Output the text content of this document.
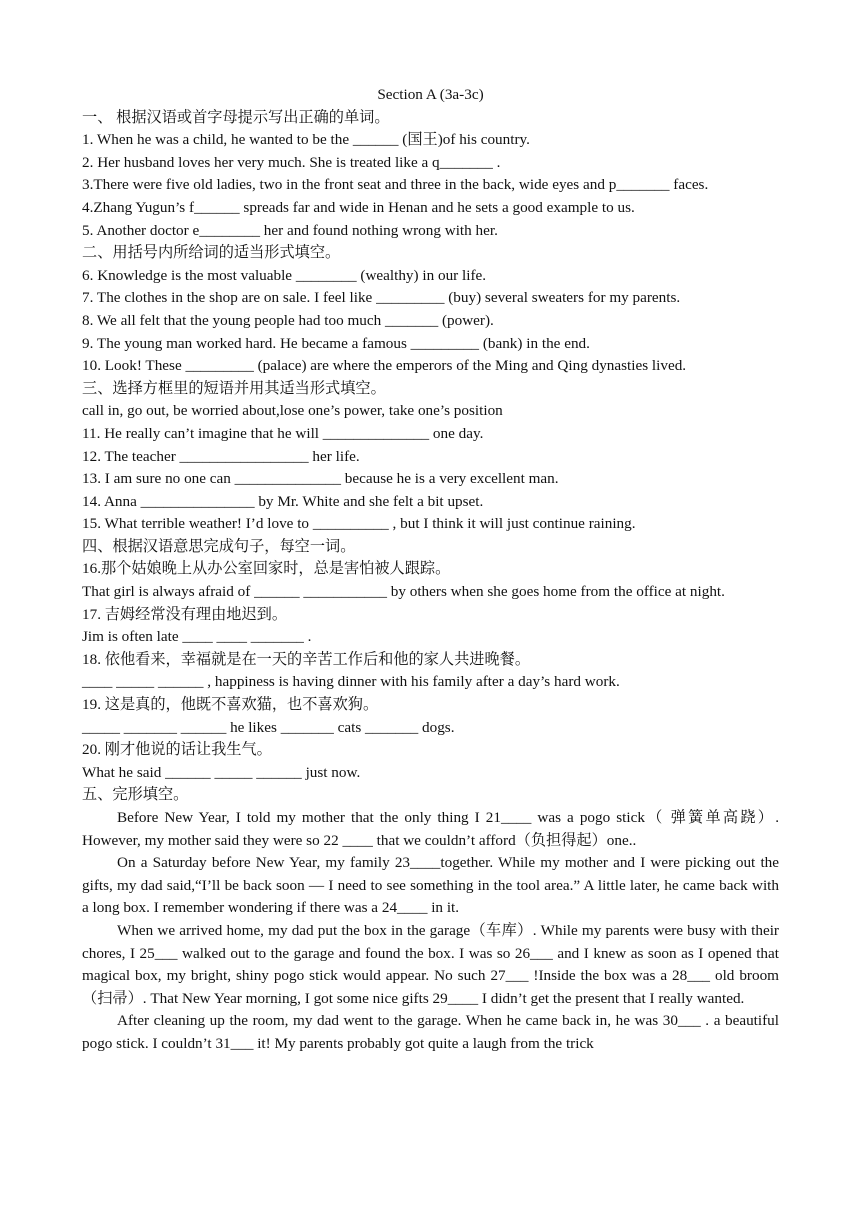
Section A (3a-3c)

一、 根据汉语或首字母提示写出正确的单词。

1. When he was a child, he wanted to be the ______ (国王)of his country.

2. Her husband loves her very much. She is treated like a q_______ .

3.There were five old ladies, two in the front seat and three in the back, wide eyes and p_______ faces.

4.Zhang Yugun’s f______ spreads far and wide in Henan and he sets a good example to us.

5. Another doctor e________ her and found nothing wrong with her.

二、用括号内所给词的适当形式填空。

6. Knowledge is the most valuable ________ (wealthy) in our life.

7. The clothes in the shop are on sale. I feel like _________ (buy) several sweaters for my parents.

8. We all felt that the young people had too much _______ (power).

9. The young man worked hard. He became a famous _________ (bank) in the end.

10. Look! These _________ (palace) are where the emperors of the Ming and Qing dynasties lived.

三、选择方框里的短语并用其适当形式填空。

call in, go out, be worried about,lose one’s power, take one’s position

11. He really can’t imagine that he will ______________ one day.

12. The teacher _________________ her life.

13. I am sure no one can ______________ because he is a very excellent man.

14. Anna _______________ by Mr. White and she felt a bit upset.

15. What terrible weather! I’d love to __________ , but I think it will just continue raining.

四、根据汉语意思完成句子，每空一词。

16.那个姑娘晚上从办公室回家时，总是害怕被人跟踪。

That girl is always afraid of ______ ___________ by others when she goes home from the office at night.

17. 吉姆经常没有理由地迟到。

Jim is often late ____ ____ _______ .

18. 依他看来，幸福就是在一天的辛苦工作后和他的家人共进晚餐。

____ _____ ______ , happiness is having dinner with his family after a day’s hard work.

19. 这是真的，他既不喜欢猫，也不喜欢狗。

_____ _______ ______ he likes _______ cats _______ dogs.

20. 刚才他说的话让我生气。

What he said ______ _____ ______ just now.

五、完形填空。

Before New Year, I told my mother that the only thing I 21____ was a pogo stick（ 弹簧单高跷）. However, my mother said they were so 22 ____ that we couldn’t afford（负担得起）one..

On a Saturday before New Year, my family 23____together. While my mother and I were picking out the gifts, my dad said,“I’ll be back soon — I need to see something in the tool area.” A little later, he came back with a long box. I remember wondering if there was a 24____ in it.

When we arrived home, my dad put the box in the garage（车库）. While my parents were busy with their chores, I 25___ walked out to the garage and found the box. I was so 26___ and I knew as soon as I opened that magical box, my bright, shiny pogo stick would appear. No such 27___ !Inside the box was a 28___ old broom（扫帚）. That New Year morning, I got some nice gifts 29____ I didn’t get the present that I really wanted.

After cleaning up the room, my dad went to the garage. When he came back in, he was 30___ . a beautiful pogo stick. I couldn’t 31___ it! My parents probably got quite a laugh from the trick
